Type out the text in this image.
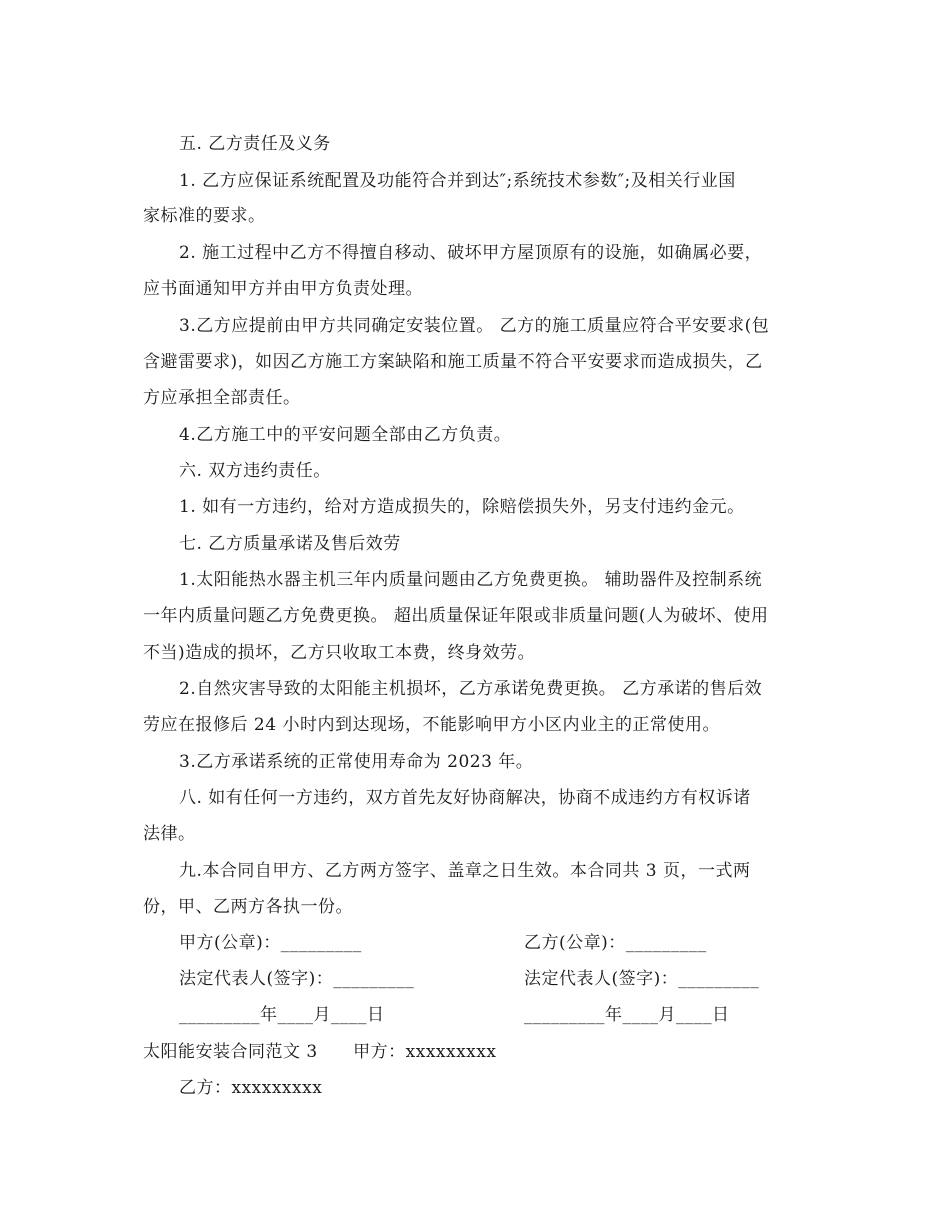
五. 乙方责任及义务
1. 乙方应保证系统配置及功能符合并到达″;系统技术参数″;及相关行业国
家标准的要求。
2. 施工过程中乙方不得擅自移动、破坏甲方屋顶原有的设施，如确属必要，
应书面通知甲方并由甲方负责处理。
3.乙方应提前由甲方共同确定安装位置。 乙方的施工质量应符合平安要求(包
含避雷要求)，如因乙方施工方案缺陷和施工质量不符合平安要求而造成损失，乙
方应承担全部责任。
4.乙方施工中的平安问题全部由乙方负责。
六. 双方违约责任。
1. 如有一方违约，给对方造成损失的，除赔偿损失外，另支付违约金元。
七. 乙方质量承诺及售后效劳
1.太阳能热水器主机三年内质量问题由乙方免费更换。 辅助器件及控制系统
一年内质量问题乙方免费更换。 超出质量保证年限或非质量问题(人为破坏、使用
不当)造成的损坏，乙方只收取工本费，终身效劳。
2.自然灾害导致的太阳能主机损坏，乙方承诺免费更换。 乙方承诺的售后效
劳应在报修后 24 小时内到达现场，不能影响甲方小区内业主的正常使用。
3.乙方承诺系统的正常使用寿命为 2023 年。
八. 如有任何一方违约，双方首先友好协商解决，协商不成违约方有权诉诸
法律。
九.本合同自甲方、乙方两方签字、盖章之日生效。本合同共 3 页，一式两
份，甲、乙两方各执一份。
甲方(公章)：_________	乙方(公章)：_________
法定代表人(签字)：_________	法定代表人(签字)：_________
_________年____月____日	_________年____月____日
太阳能安装合同范文 3      甲方：xxxxxxxxx
乙方：xxxxxxxxx
